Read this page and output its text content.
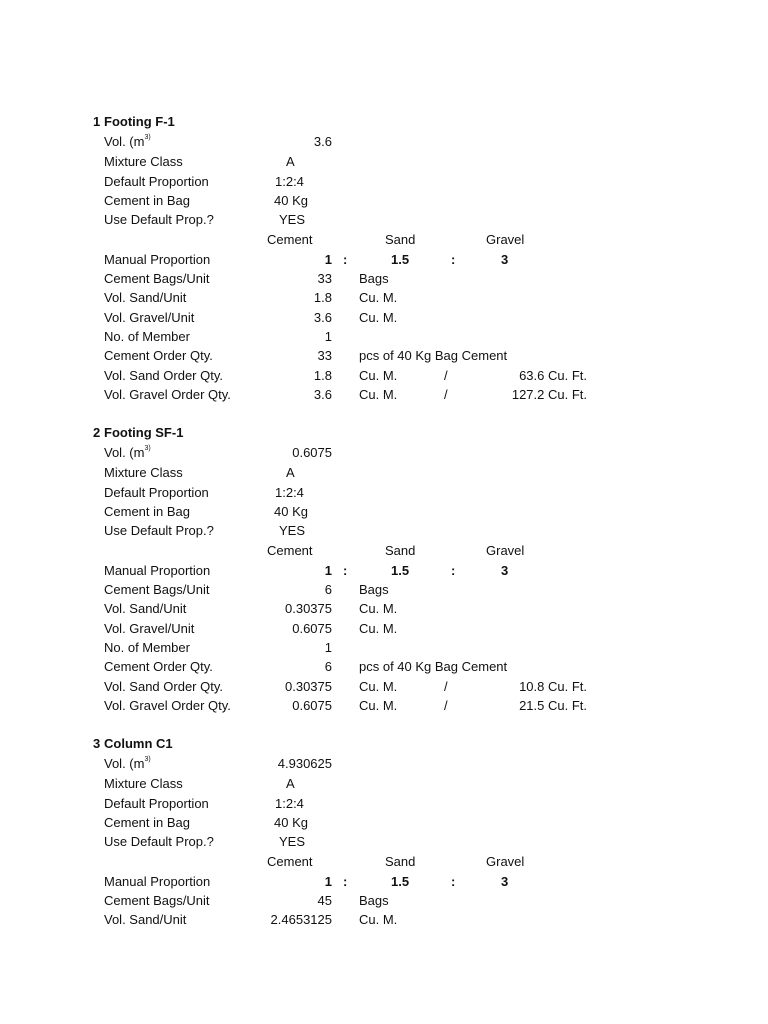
1 Footing F-1
Vol. ($m^{3)}$	3.6
Mixture Class	A
Default Proportion	1:2:4
Cement in Bag	40 Kg
Use Default Prop.?	YES
Cement	Sand	Gravel
Manual Proportion	1 :	1.5	:	3
Cement Bags/Unit	33 Bags
Vol. Sand/Unit	1.8 Cu. M.
Vol. Gravel/Unit	3.6 Cu. M.
No. of Member	1
Cement Order Qty.	33 pcs of 40 Kg Bag Cement
Vol. Sand Order Qty.	1.8 Cu. M.	/	63.6 Cu. Ft.
Vol. Gravel Order Qty.	3.6 Cu. M.	/	127.2 Cu. Ft.
2 Footing SF-1
Vol. ($m^{3)}$	0.6075
Mixture Class	A
Default Proportion	1:2:4
Cement in Bag	40 Kg
Use Default Prop.?	YES
Cement	Sand	Gravel
Manual Proportion	1 :	1.5	:	3
Cement Bags/Unit	6 Bags
Vol. Sand/Unit	0.30375 Cu. M.
Vol. Gravel/Unit	0.6075 Cu. M.
No. of Member	1
Cement Order Qty.	6 pcs of 40 Kg Bag Cement
Vol. Sand Order Qty.	0.30375 Cu. M.	/	10.8 Cu. Ft.
Vol. Gravel Order Qty.	0.6075 Cu. M.	/	21.5 Cu. Ft.
3 Column C1
Vol. ($m^{3)}$	4.930625
Mixture Class	A
Default Proportion	1:2:4
Cement in Bag	40 Kg
Use Default Prop.?	YES
Cement	Sand	Gravel
Manual Proportion	1 :	1.5	:	3
Cement Bags/Unit	45 Bags
Vol. Sand/Unit	2.4653125 Cu. M.
